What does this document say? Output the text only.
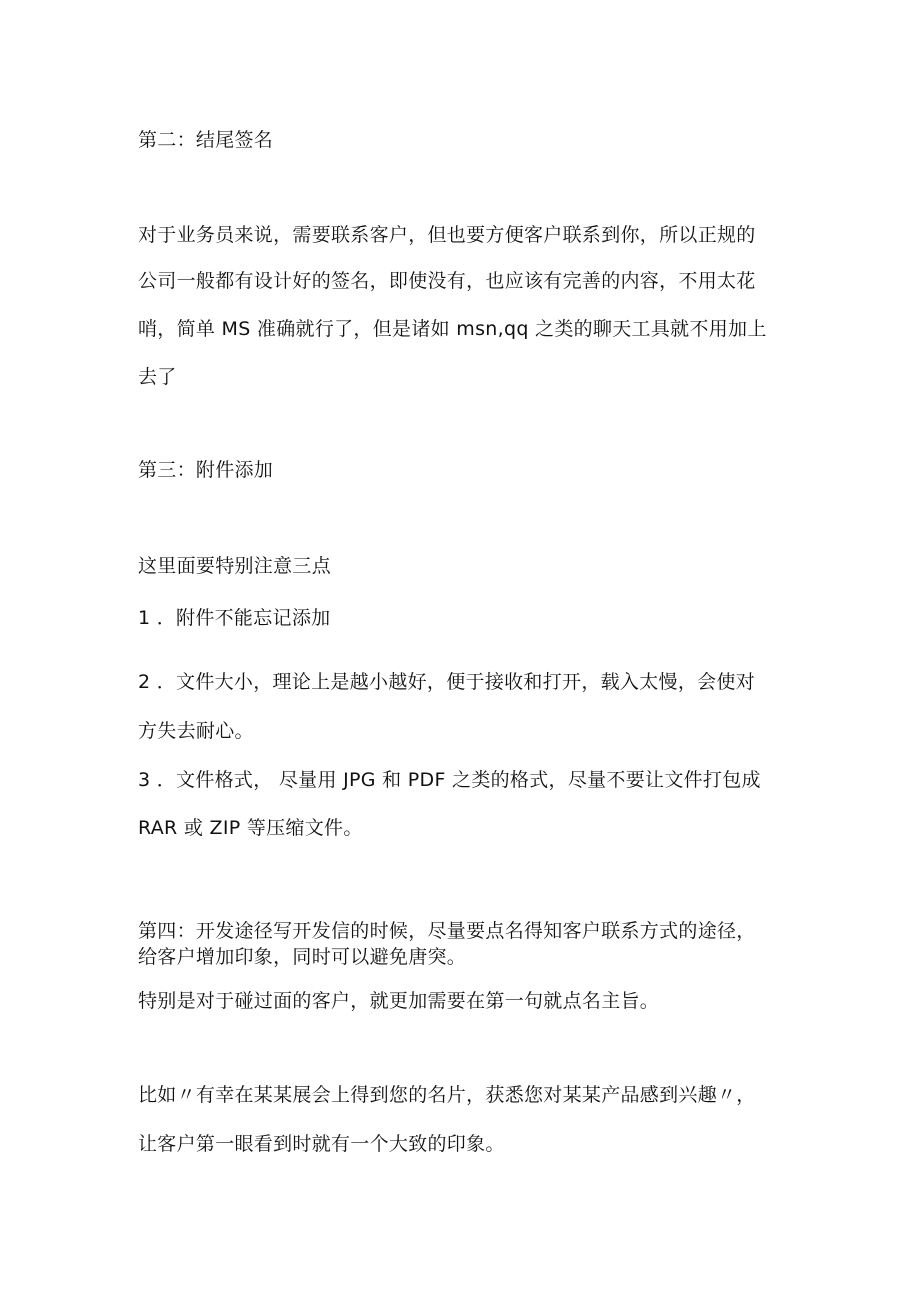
第二：结尾签名
对于业务员来说，需要联系客户，但也要方便客户联系到你，所以正规的
公司一般都有设计好的签名，即使没有，也应该有完善的内容，不用太花
哨，简单 MS 准确就行了，但是诸如 msn,qq 之类的聊天工具就不用加上
去了
第三：附件添加
这里面要特别注意三点
1 ．附件不能忘记添加
2 ．文件大小，理论上是越小越好，便于接收和打开，载入太慢，会使对
方失去耐心。
3 ．文件格式， 尽量用 JPG 和 PDF 之类的格式，尽量不要让文件打包成
RAR 或 ZIP 等压缩文件。
第四：开发途径写开发信的时候，尽量要点名得知客户联系方式的途径，
给客户增加印象，同时可以避免唐突。
特别是对于碰过面的客户，就更加需要在第一句就点名主旨。
比如〃有幸在某某展会上得到您的名片，获悉您对某某产品感到兴趣〃，
让客户第一眼看到时就有一个大致的印象。
